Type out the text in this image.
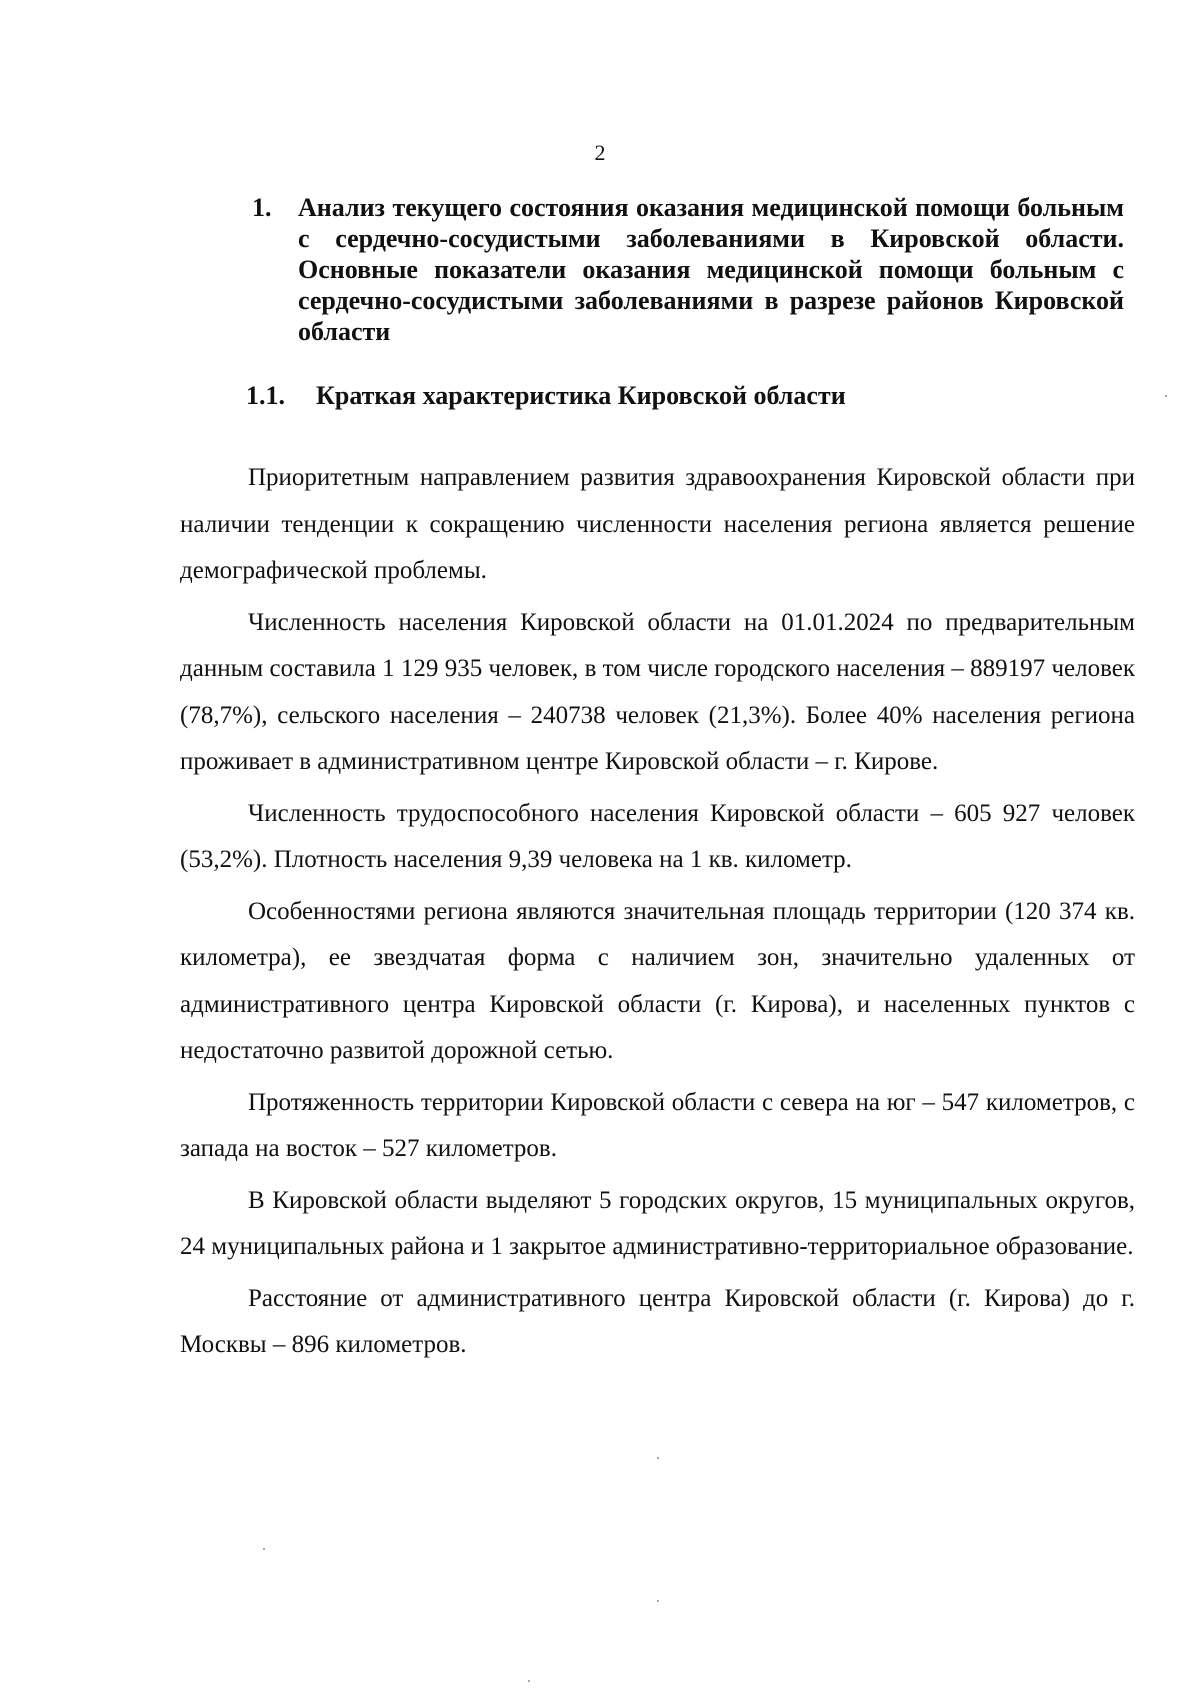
2
1. Анализ текущего состояния оказания медицинской помощи больным с сердечно-сосудистыми заболеваниями в Кировской области. Основные показатели оказания медицинской помощи больным с сердечно-сосудистыми заболеваниями в разрезе районов Кировской области
1.1. Краткая характеристика Кировской области

Приоритетным направлением развития здравоохранения Кировской области при наличии тенденции к сокращению численности населения региона является решение демографической проблемы.

Численность населения Кировской области на 01.01.2024 по предварительным данным составила 1 129 935 человек, в том числе городского населения – 889197 человек (78,7%), сельского населения – 240738 человек (21,3%). Более 40% населения региона проживает в административном центре Кировской области – г. Кирове.

Численность трудоспособного населения Кировской области – 605 927 человек (53,2%). Плотность населения 9,39 человека на 1 кв. километр.

Особенностями региона являются значительная площадь территории (120 374 кв. километра), ее звездчатая форма с наличием зон, значительно удаленных от административного центра Кировской области (г. Кирова), и населенных пунктов с недостаточно развитой дорожной сетью.

Протяженность территории Кировской области с севера на юг – 547 километров, с запада на восток – 527 километров.

В Кировской области выделяют 5 городских округов, 15 муниципальных округов, 24 муниципальных района и 1 закрытое административно-территориальное образование.

Расстояние от административного центра Кировской области (г. Кирова) до г. Москвы – 896 километров.
